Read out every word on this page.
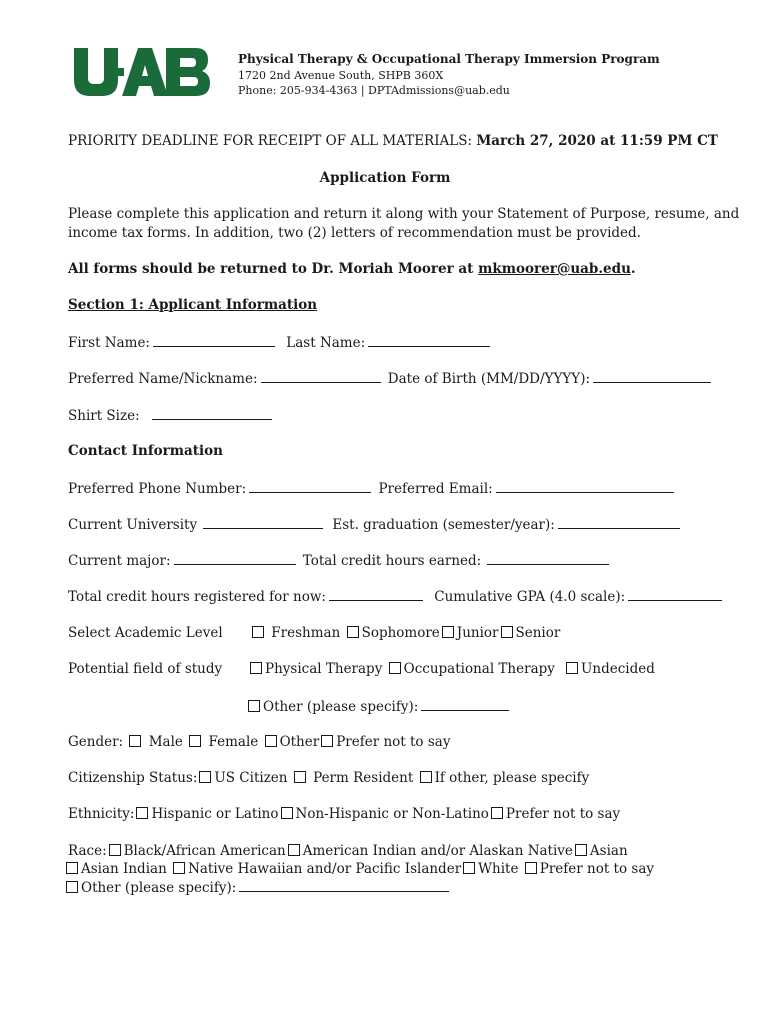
Physical Therapy & Occupational Therapy Immersion Program
1720 2nd Avenue South, SHPB 360X
Phone: 205-934-4363 | DPTAdmissions@uab.edu
PRIORITY DEADLINE FOR RECEIPT OF ALL MATERIALS: March 27, 2020 at 11:59 PM CT
Application Form
Please complete this application and return it along with your Statement of Purpose, resume, and
income tax forms. In addition, two (2) letters of recommendation must be provided.
All forms should be returned to Dr. Moriah Moorer at mkmoorer@uab.edu.
Section 1: Applicant Information
First Name:	Last Name:
Preferred Name/Nickname:	Date of Birth (MM/DD/YYYY):
Shirt Size:
Contact Information
Preferred Phone Number:	Preferred Email:
Current University	Est. graduation (semester/year):
Current major:	Total credit hours earned:
Total credit hours registered for now:	Cumulative GPA (4.0 scale):
Select Academic Level	Freshman Sophomore Junior Senior
Potential field of study	Physical Therapy Occupational Therapy	Undecided
Other (please specify):
Gender: Male Female Other Prefer not to say
Citizenship Status: US Citizen Perm Resident If other, please specify
Ethnicity: Hispanic or Latino Non-Hispanic or Non-Latino Prefer not to say
Race: Black/African American American Indian and/or Alaskan Native Asian
Asian Indian Native Hawaiian and/or Pacific Islander White Prefer not to say
Other (please specify):
